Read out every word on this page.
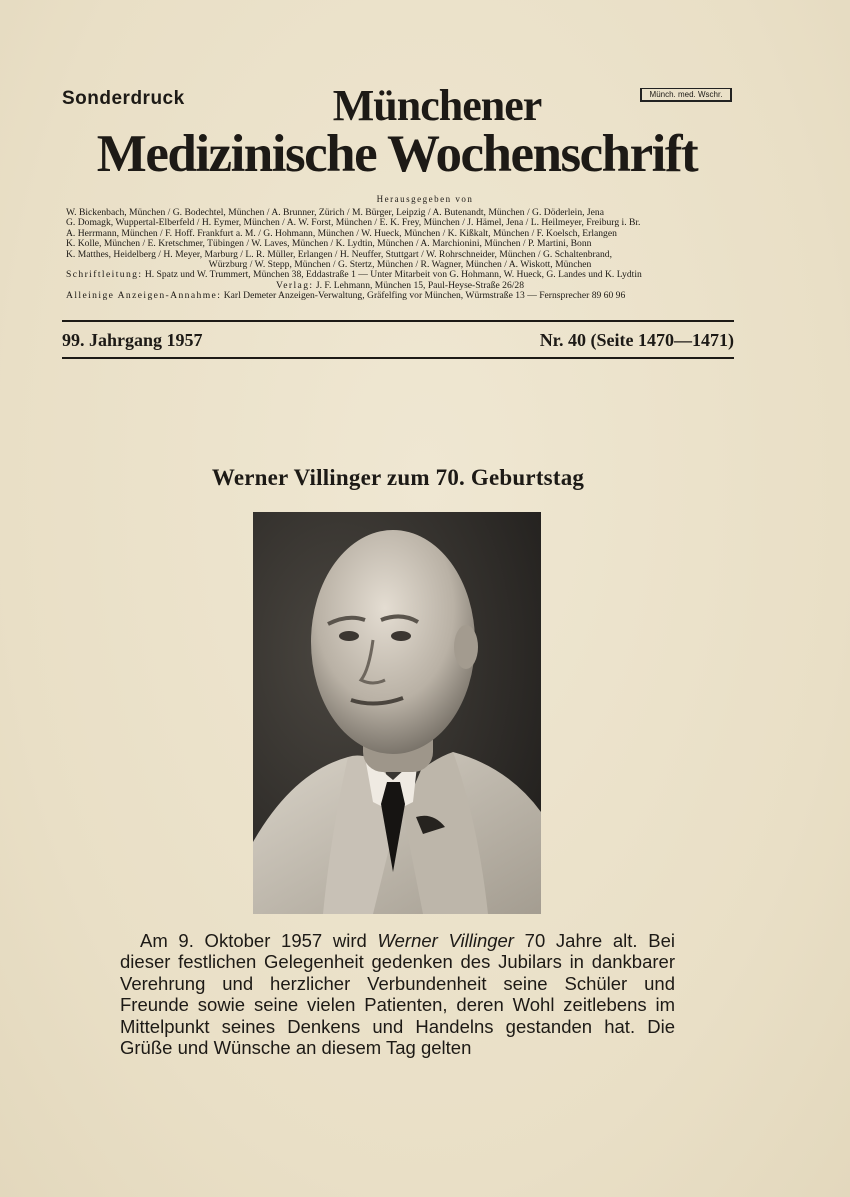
Sonderdruck	Münch. med. Wschr.
Münchener
Medizinische Wochenschrift
Herausgegeben von
W. Bickenbach, München / G. Bodechtel, München / A. Brunner, Zürich / M. Bürger, Leipzig / A. Butenandt, München / G. Döderlein, Jena
G. Domagk, Wuppertal-Elberfeld / H. Eymer, München / A. W. Forst, München / E. K. Frey, München / J. Hämel, Jena / L. Heilmeyer, Freiburg i. Br.
A. Herrmann, München / F. Hoff. Frankfurt a. M. / G. Hohmann, München / W. Hueck, München / K. Kißkalt, München / F. Koelsch, Erlangen
K. Kolle, München / E. Kretschmer, Tübingen / W. Laves, München / K. Lydtin, München / A. Marchionini, München / P. Martini, Bonn
K. Matthes, Heidelberg / H. Meyer, Marburg / L. R. Müller, Erlangen / H. Neuffer, Stuttgart / W. Rohrschneider, München / G. Schaltenbrand,
Würzburg / W. Stepp, München / G. Stertz, München / R. Wagner, München / A. Wiskott, München
Schriftleitung: H. Spatz und W. Trummert, München 38, Eddastraße 1 — Unter Mitarbeit von G. Hohmann, W. Hueck, G. Landes und K. Lydtin
Verlag: J. F. Lehmann, München 15, Paul-Heyse-Straße 26/28
Alleinige Anzeigen-Annahme: Karl Demeter Anzeigen-Verwaltung, Gräfelfing vor München, Würmstraße 13 — Fernsprecher 89 60 96
99. Jahrgang 1957	Nr. 40 (Seite 1470—1471)
Werner Villinger zum 70. Geburtstag

Am 9. Oktober 1957 wird Werner Villinger 70 Jahre alt. Bei dieser festlichen Gelegenheit gedenken des Jubilars in dankbarer Verehrung und herzlicher Verbundenheit seine Schüler und Freunde sowie seine vielen Patienten, deren Wohl zeitlebens im Mittelpunkt seines Denkens und Handelns gestanden hat. Die Grüße und Wünsche an diesem Tag gelten
